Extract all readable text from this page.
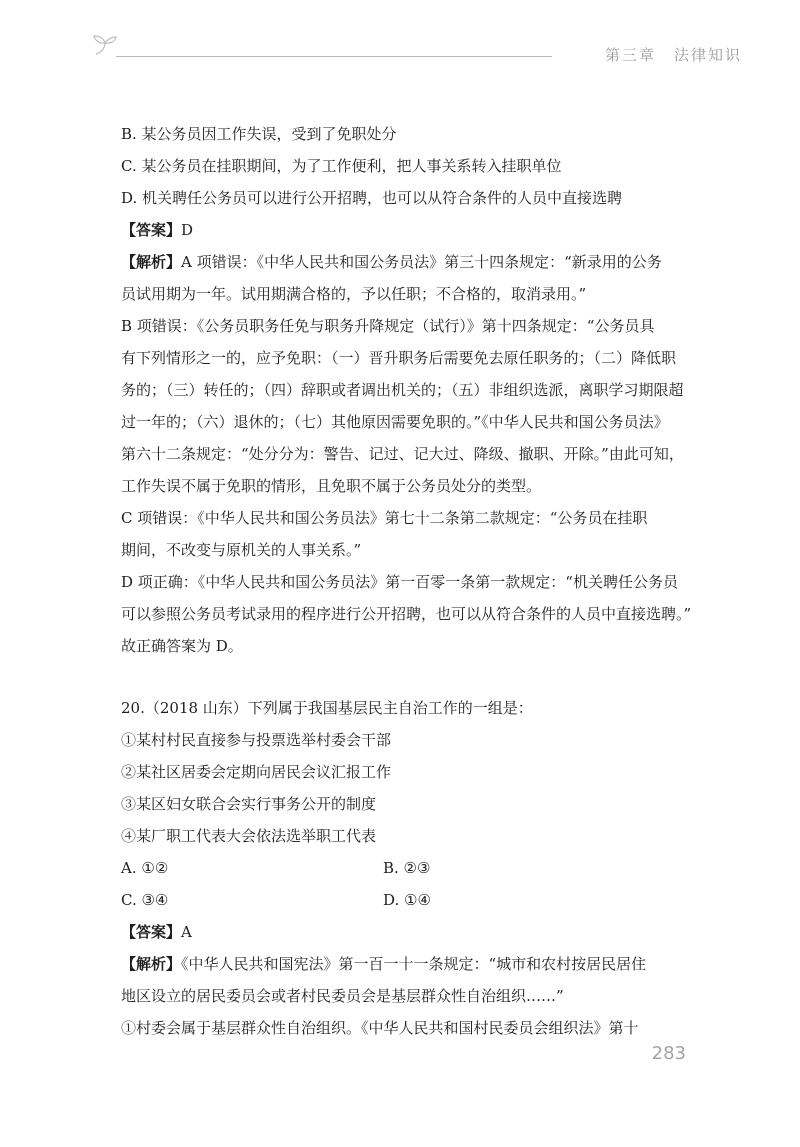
第三章 法律知识
B. 某公务员因工作失误，受到了免职处分
C. 某公务员在挂职期间，为了工作便利，把人事关系转入挂职单位
D. 机关聘任公务员可以进行公开招聘，也可以从符合条件的人员中直接选聘
【答案】D
【解析】A 项错误：《中华人民共和国公务员法》第三十四条规定：“新录用的公务
员试用期为一年。试用期满合格的，予以任职；不合格的，取消录用。”
B 项错误：《公务员职务任免与职务升降规定（试行）》第十四条规定：“公务员具
有下列情形之一的，应予免职：（一）晋升职务后需要免去原任职务的；（二）降低职
务的；（三）转任的；（四）辞职或者调出机关的；（五）非组织选派，离职学习期限超
过一年的；（六）退休的；（七）其他原因需要免职的。”《中华人民共和国公务员法》
第六十二条规定：“处分分为：警告、记过、记大过、降级、撤职、开除。”由此可知，
工作失误不属于免职的情形，且免职不属于公务员处分的类型。
C 项错误：《中华人民共和国公务员法》第七十二条第二款规定：“公务员在挂职
期间，不改变与原机关的人事关系。”
D 项正确：《中华人民共和国公务员法》第一百零一条第一款规定：“机关聘任公务员
可以参照公务员考试录用的程序进行公开招聘，也可以从符合条件的人员中直接选聘。”
故正确答案为 D。
20.（2018 山东）下列属于我国基层民主自治工作的一组是：
①某村村民直接参与投票选举村委会干部
②某社区居委会定期向居民会议汇报工作
③某区妇女联合会实行事务公开的制度
④某厂职工代表大会依法选举职工代表
A. ①②	B. ②③
C. ③④	D. ①④
【答案】A
【解析】《中华人民共和国宪法》第一百一十一条规定：“城市和农村按居民居住
地区设立的居民委员会或者村民委员会是基层群众性自治组织……”
①村委会属于基层群众性自治组织。《中华人民共和国村民委员会组织法》第十
283
